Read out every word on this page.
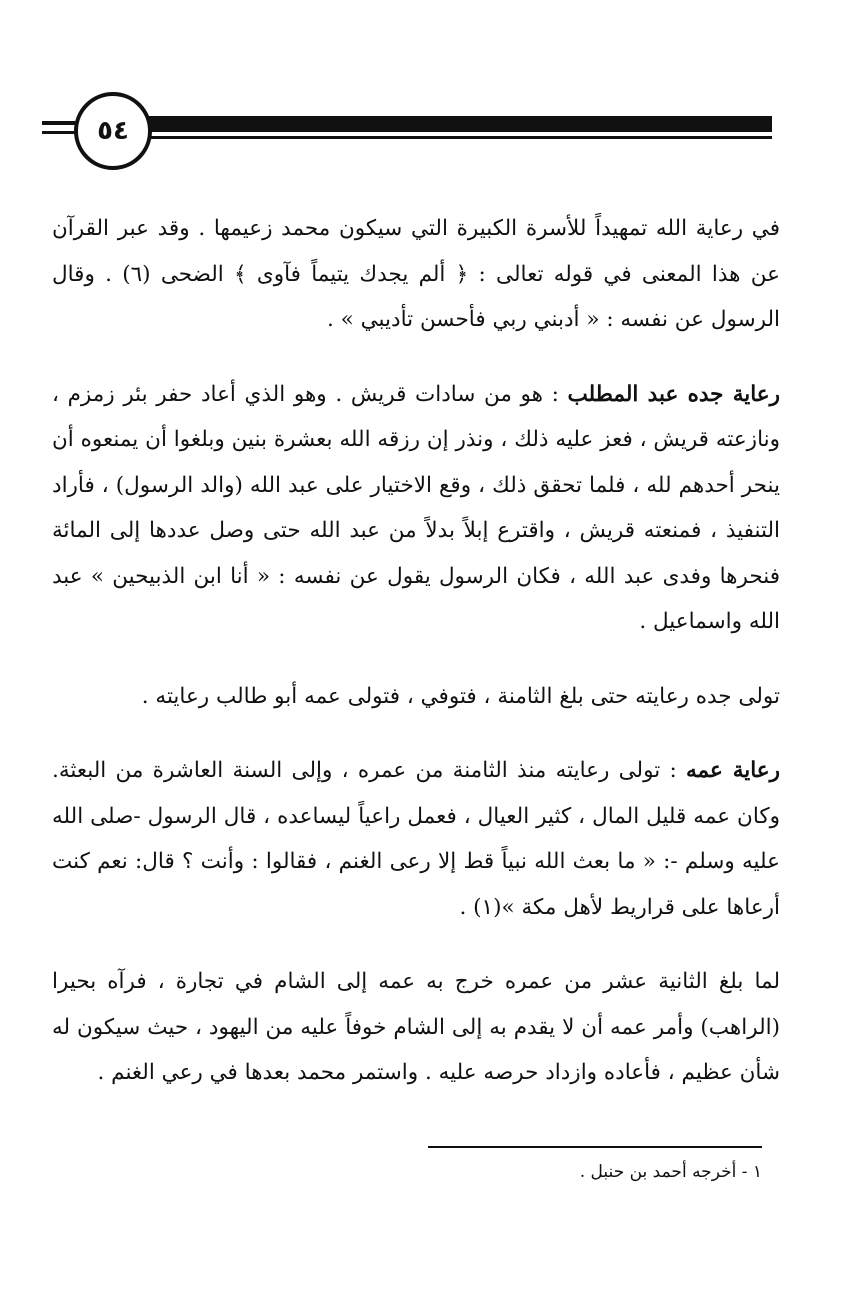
٥٤

في رعاية الله تمهيداً للأسرة الكبيرة التي سيكون محمد زعيمها . وقد عبر القرآن عن هذا المعنى في قوله تعالى : ﴿ ألم يجدك يتيماً فآوى ﴾ الضحى (٦) . وقال الرسول عن نفسه : « أدبني ربي فأحسن تأديبي » .

رعاية جده عبد المطلب : هو من سادات قريش . وهو الذي أعاد حفر بئر زمزم ، ونازعته قريش ، فعز عليه ذلك ، ونذر إن رزقه الله بعشرة بنين وبلغوا أن يمنعوه أن ينحر أحدهم لله ، فلما تحقق ذلك ، وقع الاختيار على عبد الله (والد الرسول) ، فأراد التنفيذ ، فمنعته قريش ، واقترع إبلاً بدلاً من عبد الله حتى وصل عددها إلى المائة فنحرها وفدى عبد الله ، فكان الرسول يقول عن نفسه : « أنا ابن الذبيحين » عبد الله واسماعيل .

تولى جده رعايته حتى بلغ الثامنة ، فتوفي ، فتولى عمه أبو طالب رعايته .

رعاية عمه : تولى رعايته منذ الثامنة من عمره ، وإلى السنة العاشرة من البعثة. وكان عمه قليل المال ، كثير العيال ، فعمل راعياً ليساعده ، قال الرسول -صلى الله عليه وسلم -: « ما بعث الله نبياً قط إلا رعى الغنم ، فقالوا : وأنت ؟ قال: نعم كنت أرعاها على قراريط لأهل مكة »(١) .

لما بلغ الثانية عشر من عمره خرج به عمه إلى الشام في تجارة ، فرآه بحيرا (الراهب) وأمر عمه أن لا يقدم به إلى الشام خوفاً عليه من اليهود ، حيث سيكون له شأن عظيم ، فأعاده وازداد حرصه عليه . واستمر محمد بعدها في رعي الغنم .

١ - أخرجه أحمد بن حنبل .
